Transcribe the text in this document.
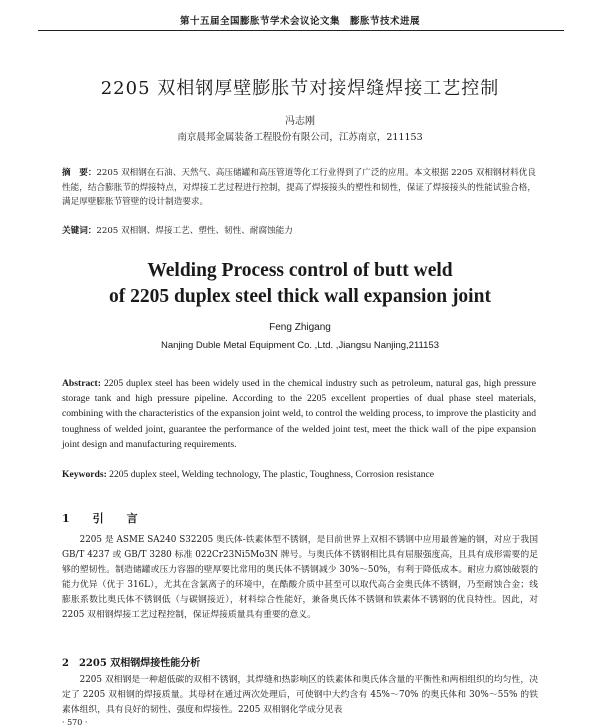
第十五届全国膨胀节学术会议论文集 膨胀节技术进展
2205 双相钢厚壁膨胀节对接焊缝焊接工艺控制
冯志刚
南京晨邦金属装备工程股份有限公司，江苏南京，211153
摘　要：2205 双相钢在石油、天然气、高压储罐和高压管道等化工行业得到了广泛的应用。本文根据 2205 双相钢材料优良性能，结合膨胀节的焊接特点，对焊接工艺过程进行控制，提高了焊接接头的塑性和韧性，保证了焊接接头的性能试验合格，满足厚壁膨胀节管壁的设计制造要求。
关键词：2205 双相钢、焊接工艺、塑性、韧性、耐腐蚀能力
Welding Process control of butt weld
of 2205 duplex steel thick wall expansion joint
Feng Zhigang
Nanjing Duble Metal Equipment Co. ,Ltd. ,Jiangsu Nanjing,211153
Abstract: 2205 duplex steel has been widely used in the chemical industry such as petroleum, natural gas, high pressure storage tank and high pressure pipeline. According to the 2205 excellent properties of dual phase steel materials, combining with the characteristics of the expansion joint weld, to control the welding process, to improve the plasticity and toughness of welded joint, guarantee the performance of the welded joint test, meet the thick wall of the pipe expansion joint design and manufacturing requirements.
Keywords: 2205 duplex steel, Welding technology, The plastic, Toughness, Corrosion resistance
1　引　言
2205 是 ASME SA240 S32205 奥氏体-铁素体型不锈钢，是目前世界上双相不锈钢中应用最普遍的钢，对应于我国 GB/T 4237 或 GB/T 3280 标准 022Cr23Ni5Mo3N 牌号。与奥氏体不锈钢相比具有屈服强度高，且具有成形需要的足够的塑韧性。制造储罐或压力容器的壁厚要比常用的奥氏体不锈钢减少 30%～50%，有利于降低成本。耐应力腐蚀破裂的能力优异（优于 316L），尤其在含氯离子的环境中，在酷酸介质中甚至可以取代高合金奥氏体不锈钢，乃至耐蚀合金；线膨胀系数比奥氏体不锈钢低（与碳钢接近），材料综合性能好，兼备奥氏体不锈钢和铁素体不锈钢的优良特性。因此，对 2205 双相钢焊接工艺过程控制，保证焊接质量具有重要的意义。
2　2205 双相钢焊接性能分析
2205 双相钢是一种超低碳的双相不锈钢，其焊缝和热影响区的铁素体和奥氏体含量的平衡性和两相组织的均匀性，决定了 2205 双相钢的焊接质量。其母材在通过两次处理后，可使钢中大约含有 45%～70% 的奥氏体和 30%～55% 的铁素体组织，具有良好的韧性、强度和焊接性。2205 双相钢化学成分见表
· 570 ·
